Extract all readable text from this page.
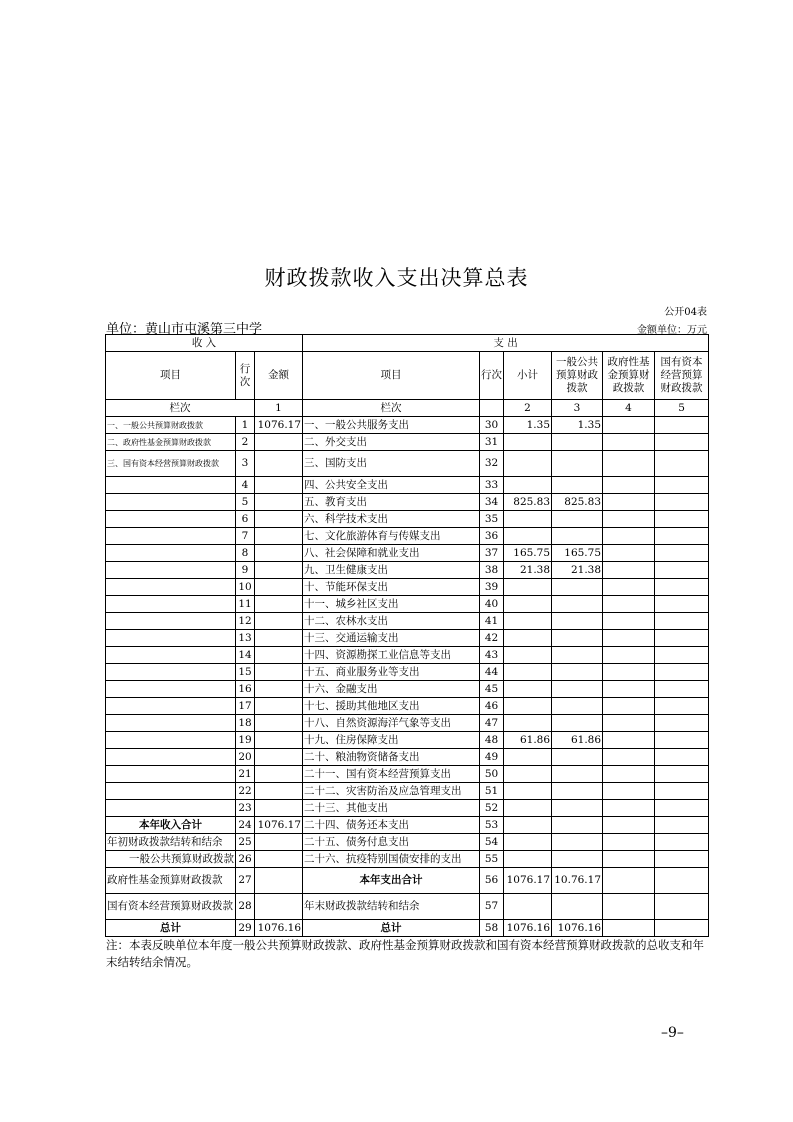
财政拨款收入支出决算总表
公开04表
单位：黄山市屯溪第三中学	金额单位：万元
收 入			支 出					
项目	行次	金额	项目	行次	小计	一般公共预算财政拨款	政府性基金预算财政拨款	国有资本经营预算财政拨款
栏次		1	栏次		2	3	4	5
一、一般公共预算财政拨款	1	1076.17	一、一般公共服务支出	30	1.35	1.35		
二、政府性基金预算财政拨款	2		二、外交支出	31				
三、国有资本经营预算财政拨款	3		三、国防支出	32				
	4		四、公共安全支出	33				
	5		五、教育支出	34	825.83	825.83		
	6		六、科学技术支出	35				
	7		七、文化旅游体育与传媒支出	36				
	8		八、社会保障和就业支出	37	165.75	165.75		
	9		九、卫生健康支出	38	21.38	21.38		
	10		十、节能环保支出	39				
	11		十一、城乡社区支出	40				
	12		十二、农林水支出	41				
	13		十三、交通运输支出	42				
	14		十四、资源勘探工业信息等支出	43				
	15		十五、商业服务业等支出	44				
	16		十六、金融支出	45				
	17		十七、援助其他地区支出	46				
	18		十八、自然资源海洋气象等支出	47				
	19		十九、住房保障支出	48	61.86	61.86		
	20		二十、粮油物资储备支出	49				
	21		二十一、国有资本经营预算支出	50				
	22		二十二、灾害防治及应急管理支出	51				
	23		二十三、其他支出	52				
本年收入合计	24	1076.17	二十四、债务还本支出	53				
年初财政拨款结转和结余	25		二十五、债务付息支出	54				
一般公共预算财政拨款	26		二十六、抗疫特别国债安排的支出	55				
政府性基金预算财政拨款	27		本年支出合计	56	1076.17	10.76.17		
国有资本经营预算财政拨款	28		年末财政拨款结转和结余	57				
总计	29	1076.16	总计	58	1076.16	1076.16		
注：本表反映单位本年度一般公共预算财政拨款、政府性基金预算财政拨款和国有资本经营预算财政拨款的总收支和年末结转结余情况。
–9–
